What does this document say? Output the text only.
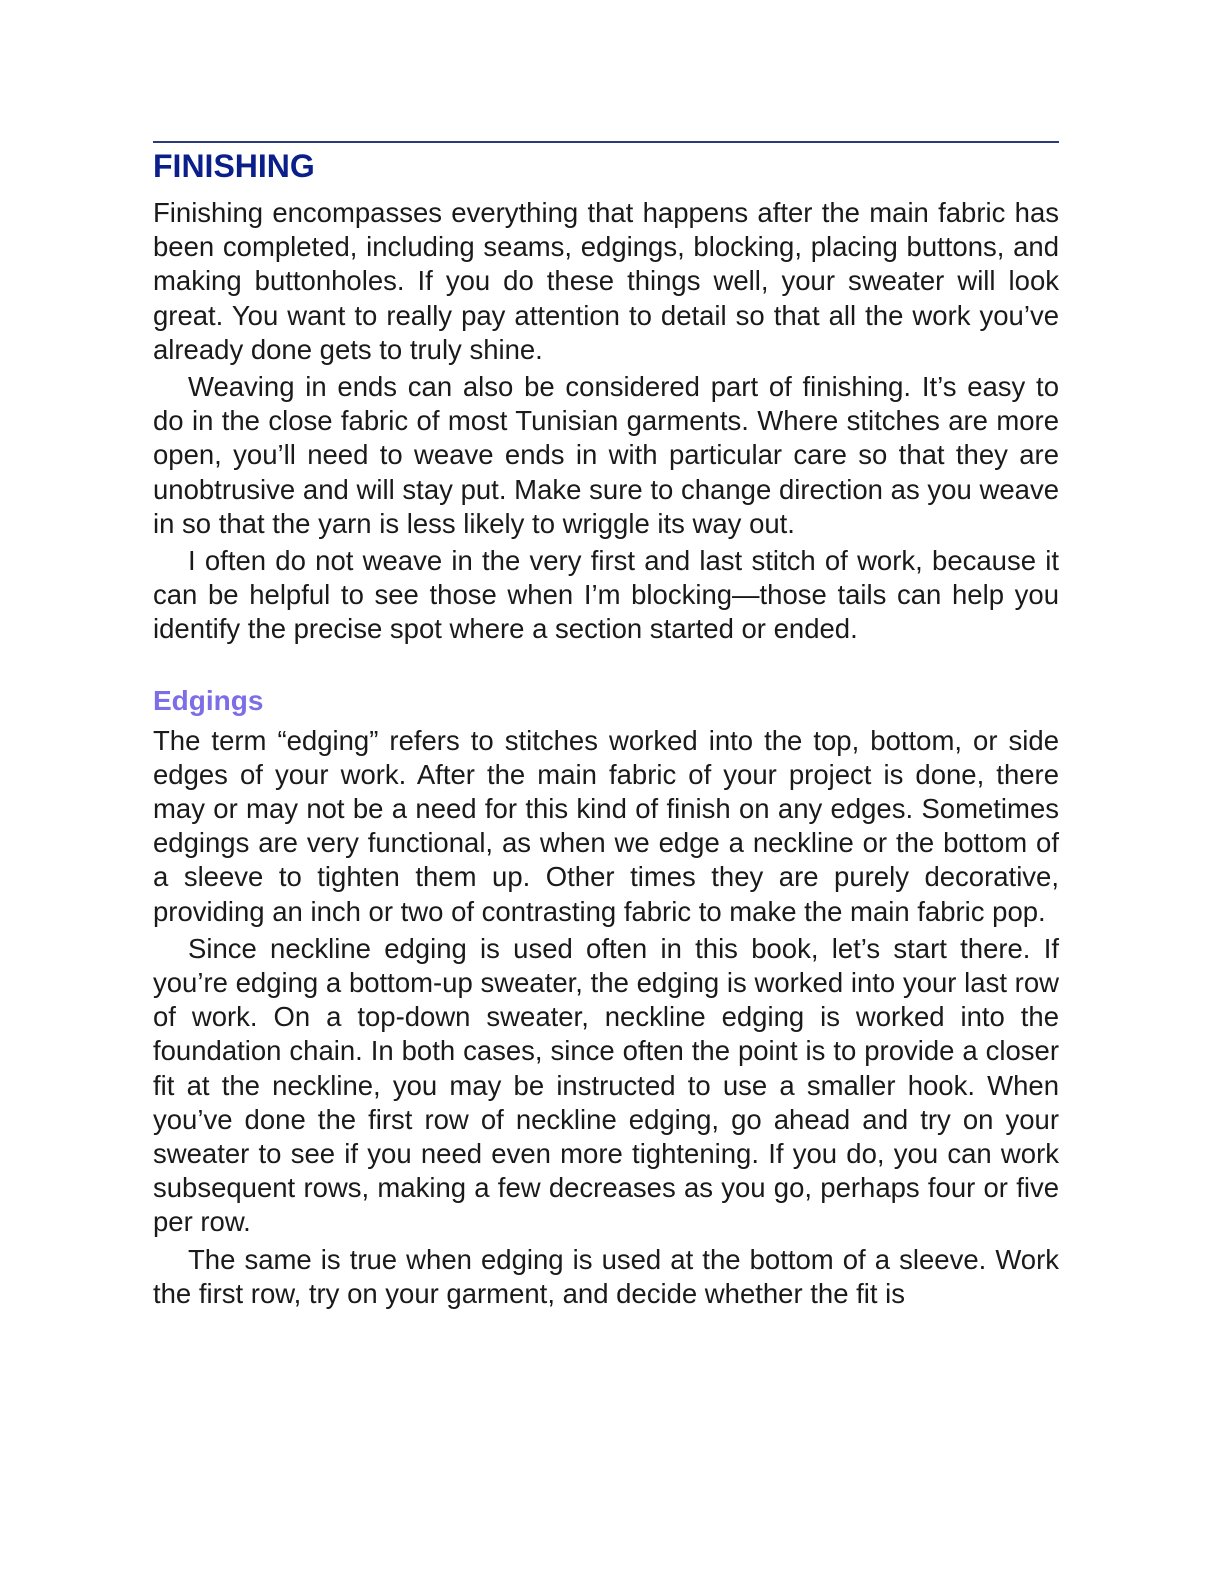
FINISHING

Finishing encompasses everything that happens after the main fabric has been completed, including seams, edgings, blocking, placing buttons, and making buttonholes. If you do these things well, your sweater will look great. You want to really pay attention to detail so that all the work you’ve already done gets to truly shine.

Weaving in ends can also be considered part of finishing. It’s easy to do in the close fabric of most Tunisian garments. Where stitches are more open, you’ll need to weave ends in with particular care so that they are unobtrusive and will stay put. Make sure to change direction as you weave in so that the yarn is less likely to wriggle its way out.

I often do not weave in the very first and last stitch of work, because it can be helpful to see those when I’m blocking—those tails can help you identify the precise spot where a section started or ended.

Edgings

The term “edging” refers to stitches worked into the top, bottom, or side edges of your work. After the main fabric of your project is done, there may or may not be a need for this kind of finish on any edges. Sometimes edgings are very functional, as when we edge a neckline or the bottom of a sleeve to tighten them up. Other times they are purely decorative, providing an inch or two of contrasting fabric to make the main fabric pop.

Since neckline edging is used often in this book, let’s start there. If you’re edging a bottom-up sweater, the edging is worked into your last row of work. On a top-down sweater, neckline edging is worked into the foundation chain. In both cases, since often the point is to provide a closer fit at the neckline, you may be instructed to use a smaller hook. When you’ve done the first row of neckline edging, go ahead and try on your sweater to see if you need even more tightening. If you do, you can work subsequent rows, making a few decreases as you go, perhaps four or five per row.

The same is true when edging is used at the bottom of a sleeve. Work the first row, try on your garment, and decide whether the fit is
